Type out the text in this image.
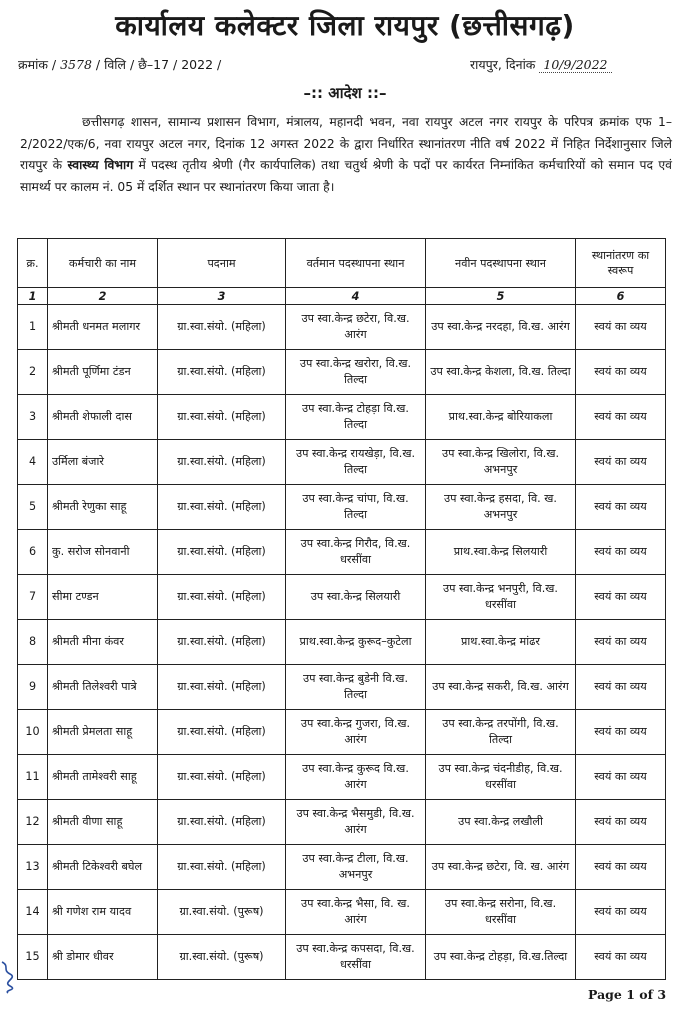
कार्यालय कलेक्टर जिला रायपुर (छत्तीसगढ़)
क्रमांक / 3578 / विलि / छै–17 / 2022 /	रायपुर, दिनांक 10/9/2022
–:: आदेश ::–
छत्तीसगढ़ शासन, सामान्य प्रशासन विभाग, मंत्रालय, महानदी भवन, नवा रायपुर अटल नगर रायपुर के परिपत्र क्रमांक एफ 1–2/2022/एक/6, नवा रायपुर अटल नगर, दिनांक 12 अगस्त 2022 के द्वारा निर्धारित स्थानांतरण नीति वर्ष 2022 में निहित निर्देशानुसार जिले रायपुर के स्वास्थ्य विभाग में पदस्थ तृतीय श्रेणी (गैर कार्यपालिक) तथा चतुर्थ श्रेणी के पदों पर कार्यरत निम्नांकित कर्मचारियों को समान पद एवं सामर्थ्य पर कालम नं. 05 में दर्शित स्थान पर स्थानांतरण किया जाता है।
क्र.	कर्मचारी का नाम	पदनाम	वर्तमान पदस्थापना स्थान	नवीन पदस्थापना स्थान	स्थानांतरण का स्वरूप
1	2	3	4	5	6
1	श्रीमती धनमत मलागर	ग्रा.स्वा.संयो. (महिला)	उप स्वा.केन्द्र छटेरा, वि.ख. आरंग	उप स्वा.केन्द्र नरदहा, वि.ख. आरंग	स्वयं का व्यय
2	श्रीमती पूर्णिमा टंडन	ग्रा.स्वा.संयो. (महिला)	उप स्वा.केन्द्र खरोरा, वि.ख. तिल्दा	उप स्वा.केन्द्र केशला, वि.ख. तिल्दा	स्वयं का व्यय
3	श्रीमती शेफाली दास	ग्रा.स्वा.संयो. (महिला)	उप स्वा.केन्द्र टोहड़ा वि.ख. तिल्दा	प्राथ.स्वा.केन्द्र बोरियाकला	स्वयं का व्यय
4	उर्मिला बंजारे	ग्रा.स्वा.संयो. (महिला)	उप स्वा.केन्द्र रायखेड़ा, वि.ख. तिल्दा	उप स्वा.केन्द्र खिलोरा, वि.ख. अभनपुर	स्वयं का व्यय
5	श्रीमती रेणुका साहू	ग्रा.स्वा.संयो. (महिला)	उप स्वा.केन्द्र चांपा, वि.ख. तिल्दा	उप स्वा.केन्द्र हसदा, वि. ख. अभनपुर	स्वयं का व्यय
6	कु. सरोज सोनवानी	ग्रा.स्वा.संयो. (महिला)	उप स्वा.केन्द्र गिरौद, वि.ख. धरसींवा	प्राथ.स्वा.केन्द्र सिलयारी	स्वयं का व्यय
7	सीमा टण्डन	ग्रा.स्वा.संयो. (महिला)	उप स्वा.केन्द्र सिलयारी	उप स्वा.केन्द्र भनपुरी, वि.ख. धरसींवा	स्वयं का व्यय
8	श्रीमती मीना कंवर	ग्रा.स्वा.संयो. (महिला)	प्राथ.स्वा.केन्द्र कुरूद–कुटेला	प्राथ.स्वा.केन्द्र मांढर	स्वयं का व्यय
9	श्रीमती तिलेश्वरी पात्रे	ग्रा.स्वा.संयो. (महिला)	उप स्वा.केन्द्र बुडेनी वि.ख. तिल्दा	उप स्वा.केन्द्र सकरी, वि.ख. आरंग	स्वयं का व्यय
10	श्रीमती प्रेमलता साहू	ग्रा.स्वा.संयो. (महिला)	उप स्वा.केन्द्र गुजरा, वि.ख. आरंग	उप स्वा.केन्द्र तरपोंगी, वि.ख. तिल्दा	स्वयं का व्यय
11	श्रीमती तामेश्वरी साहू	ग्रा.स्वा.संयो. (महिला)	उप स्वा.केन्द्र कुरूद वि.ख. आरंग	उप स्वा.केन्द्र चंदनीडीह, वि.ख. धरसींवा	स्वयं का व्यय
12	श्रीमती वीणा साहू	ग्रा.स्वा.संयो. (महिला)	उप स्वा.केन्द्र भैसमुडी, वि.ख. आरंग	उप स्वा.केन्द्र लखौली	स्वयं का व्यय
13	श्रीमती टिकेश्वरी बघेल	ग्रा.स्वा.संयो. (महिला)	उप स्वा.केन्द्र टीला, वि.ख. अभनपुर	उप स्वा.केन्द्र छटेरा, वि. ख. आरंग	स्वयं का व्यय
14	श्री गणेश राम यादव	ग्रा.स्वा.संयो. (पुरूष)	उप स्वा.केन्द्र भैसा, वि. ख. आरंग	उप स्वा.केन्द्र सरोना, वि.ख. धरसींवा	स्वयं का व्यय
15	श्री डोमार धीवर	ग्रा.स्वा.संयो. (पुरूष)	उप स्वा.केन्द्र कपसदा, वि.ख. धरसींवा	उप स्वा.केन्द्र टोहड़ा, वि.ख.तिल्दा	स्वयं का व्यय
Page 1 of 3
